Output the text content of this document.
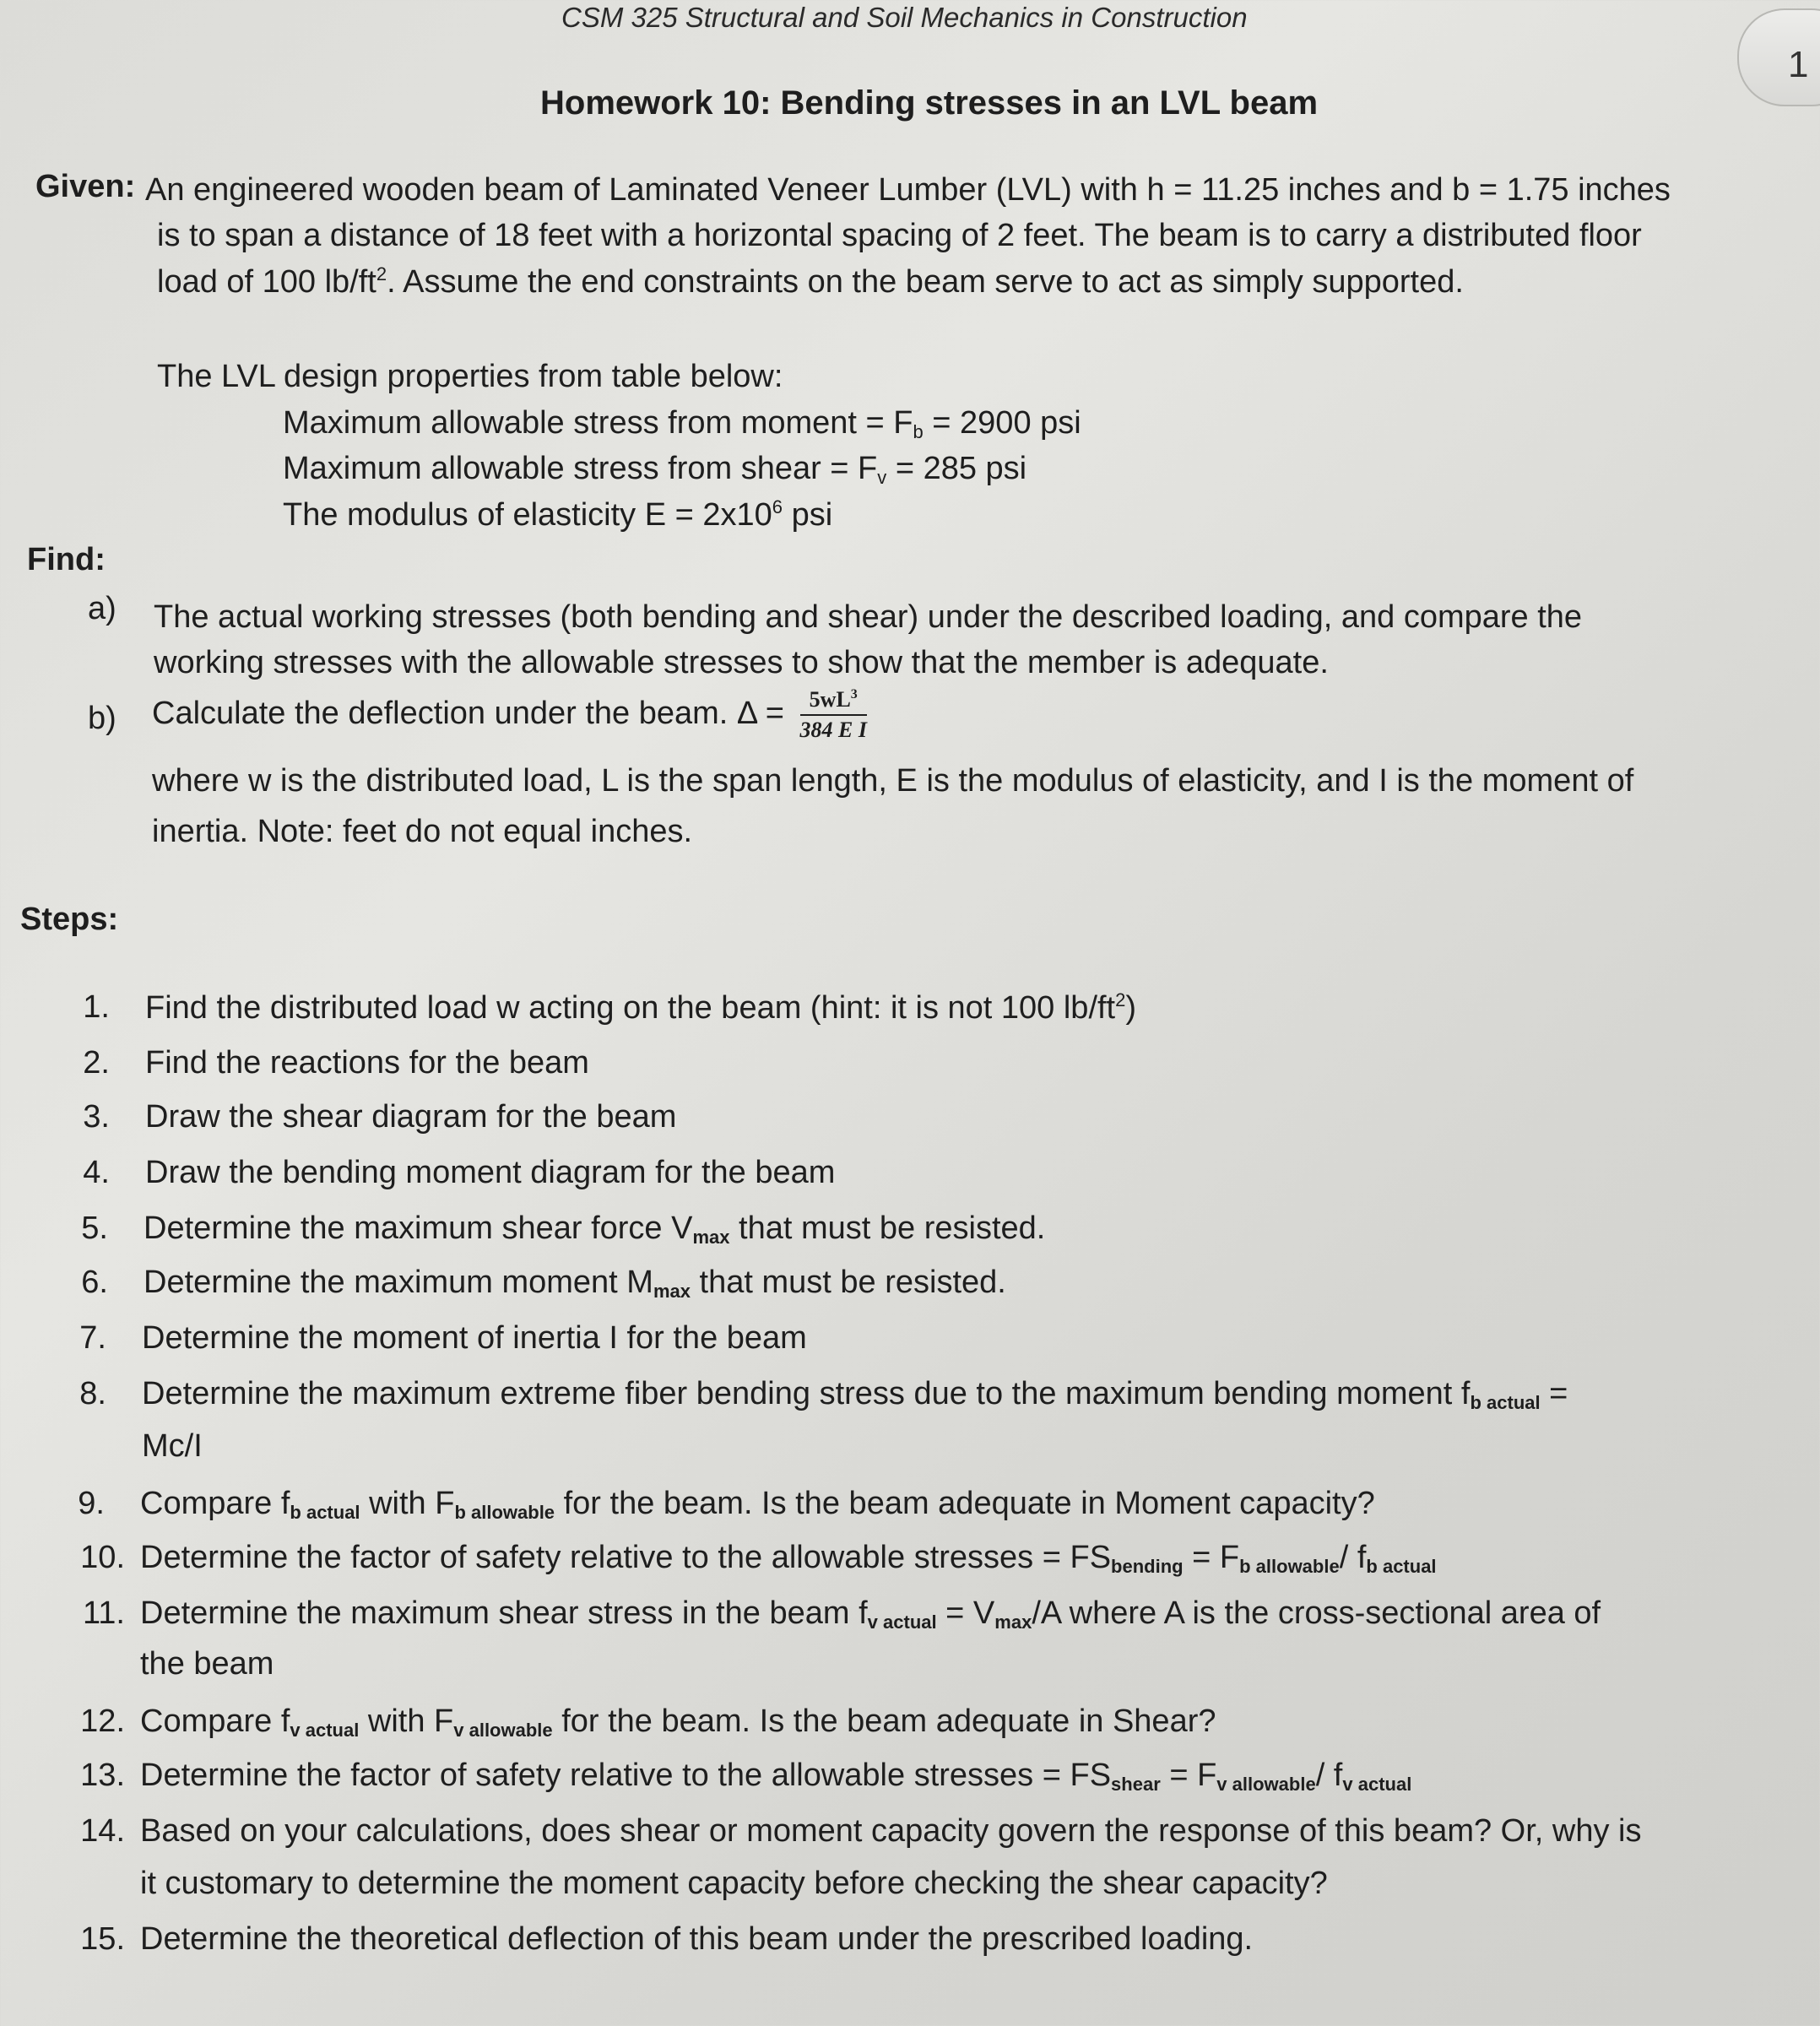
CSM 325 Structural and Soil Mechanics in Construction
1
Homework 10: Bending stresses in an LVL beam
Given: An engineered wooden beam of Laminated Veneer Lumber (LVL) with h = 11.25 inches and b = 1.75 inches
is to span a distance of 18 feet with a horizontal spacing of 2 feet. The beam is to carry a distributed floor
load of 100 $lb/ft^2$. Assume the end constraints on the beam serve to act as simply supported.
The LVL design properties from table below:
Maximum allowable stress from moment = $F_b = 2900$ psi
Maximum allowable stress from shear = $F_v = 285$ psi
The modulus of elasticity $E = 2x10^6$ psi
Find:
a) The actual working stresses (both bending and shear) under the described loading, and compare the
working stresses with the allowable stresses to show that the member is adequate.
b) Calculate the deflection under the beam. $\Delta = \frac{5wL^3}{\text{384 E I}}$
where w is the distributed load, L is the span length, E is the modulus of elasticity, and I is the moment of
inertia. Note: feet do not equal inches.
Steps:
1. Find the distributed load w acting on the beam (hint: it is not 100 $lb/ft^2$)
2. Find the reactions for the beam
3. Draw the shear diagram for the beam
4. Draw the bending moment diagram for the beam
5. Determine the maximum shear force Vmax that must be resisted.
6. Determine the maximum moment Mmax that must be resisted.
7. Determine the moment of inertia I for the beam
8. Determine the maximum extreme fiber bending stress due to the maximum bending moment fb actual =
Mc/I
9. Compare fb actual with Fb allowable for the beam. Is the beam adequate in Moment capacity?
10. Determine the factor of safety relative to the allowable stresses = FSbending = Fb allowable/ fb actual
11. Determine the maximum shear stress in the beam fv actual = Vmax/A where A is the cross-sectional area of
the beam
12. Compare fv actual with Fv allowable for the beam. Is the beam adequate in Shear?
13. Determine the factor of safety relative to the allowable stresses = FSshear = Fv allowable/ fv actual
14. Based on your calculations, does shear or moment capacity govern the response of this beam? Or, why is
it customary to determine the moment capacity before checking the shear capacity?
15. Determine the theoretical deflection of this beam under the prescribed loading.
